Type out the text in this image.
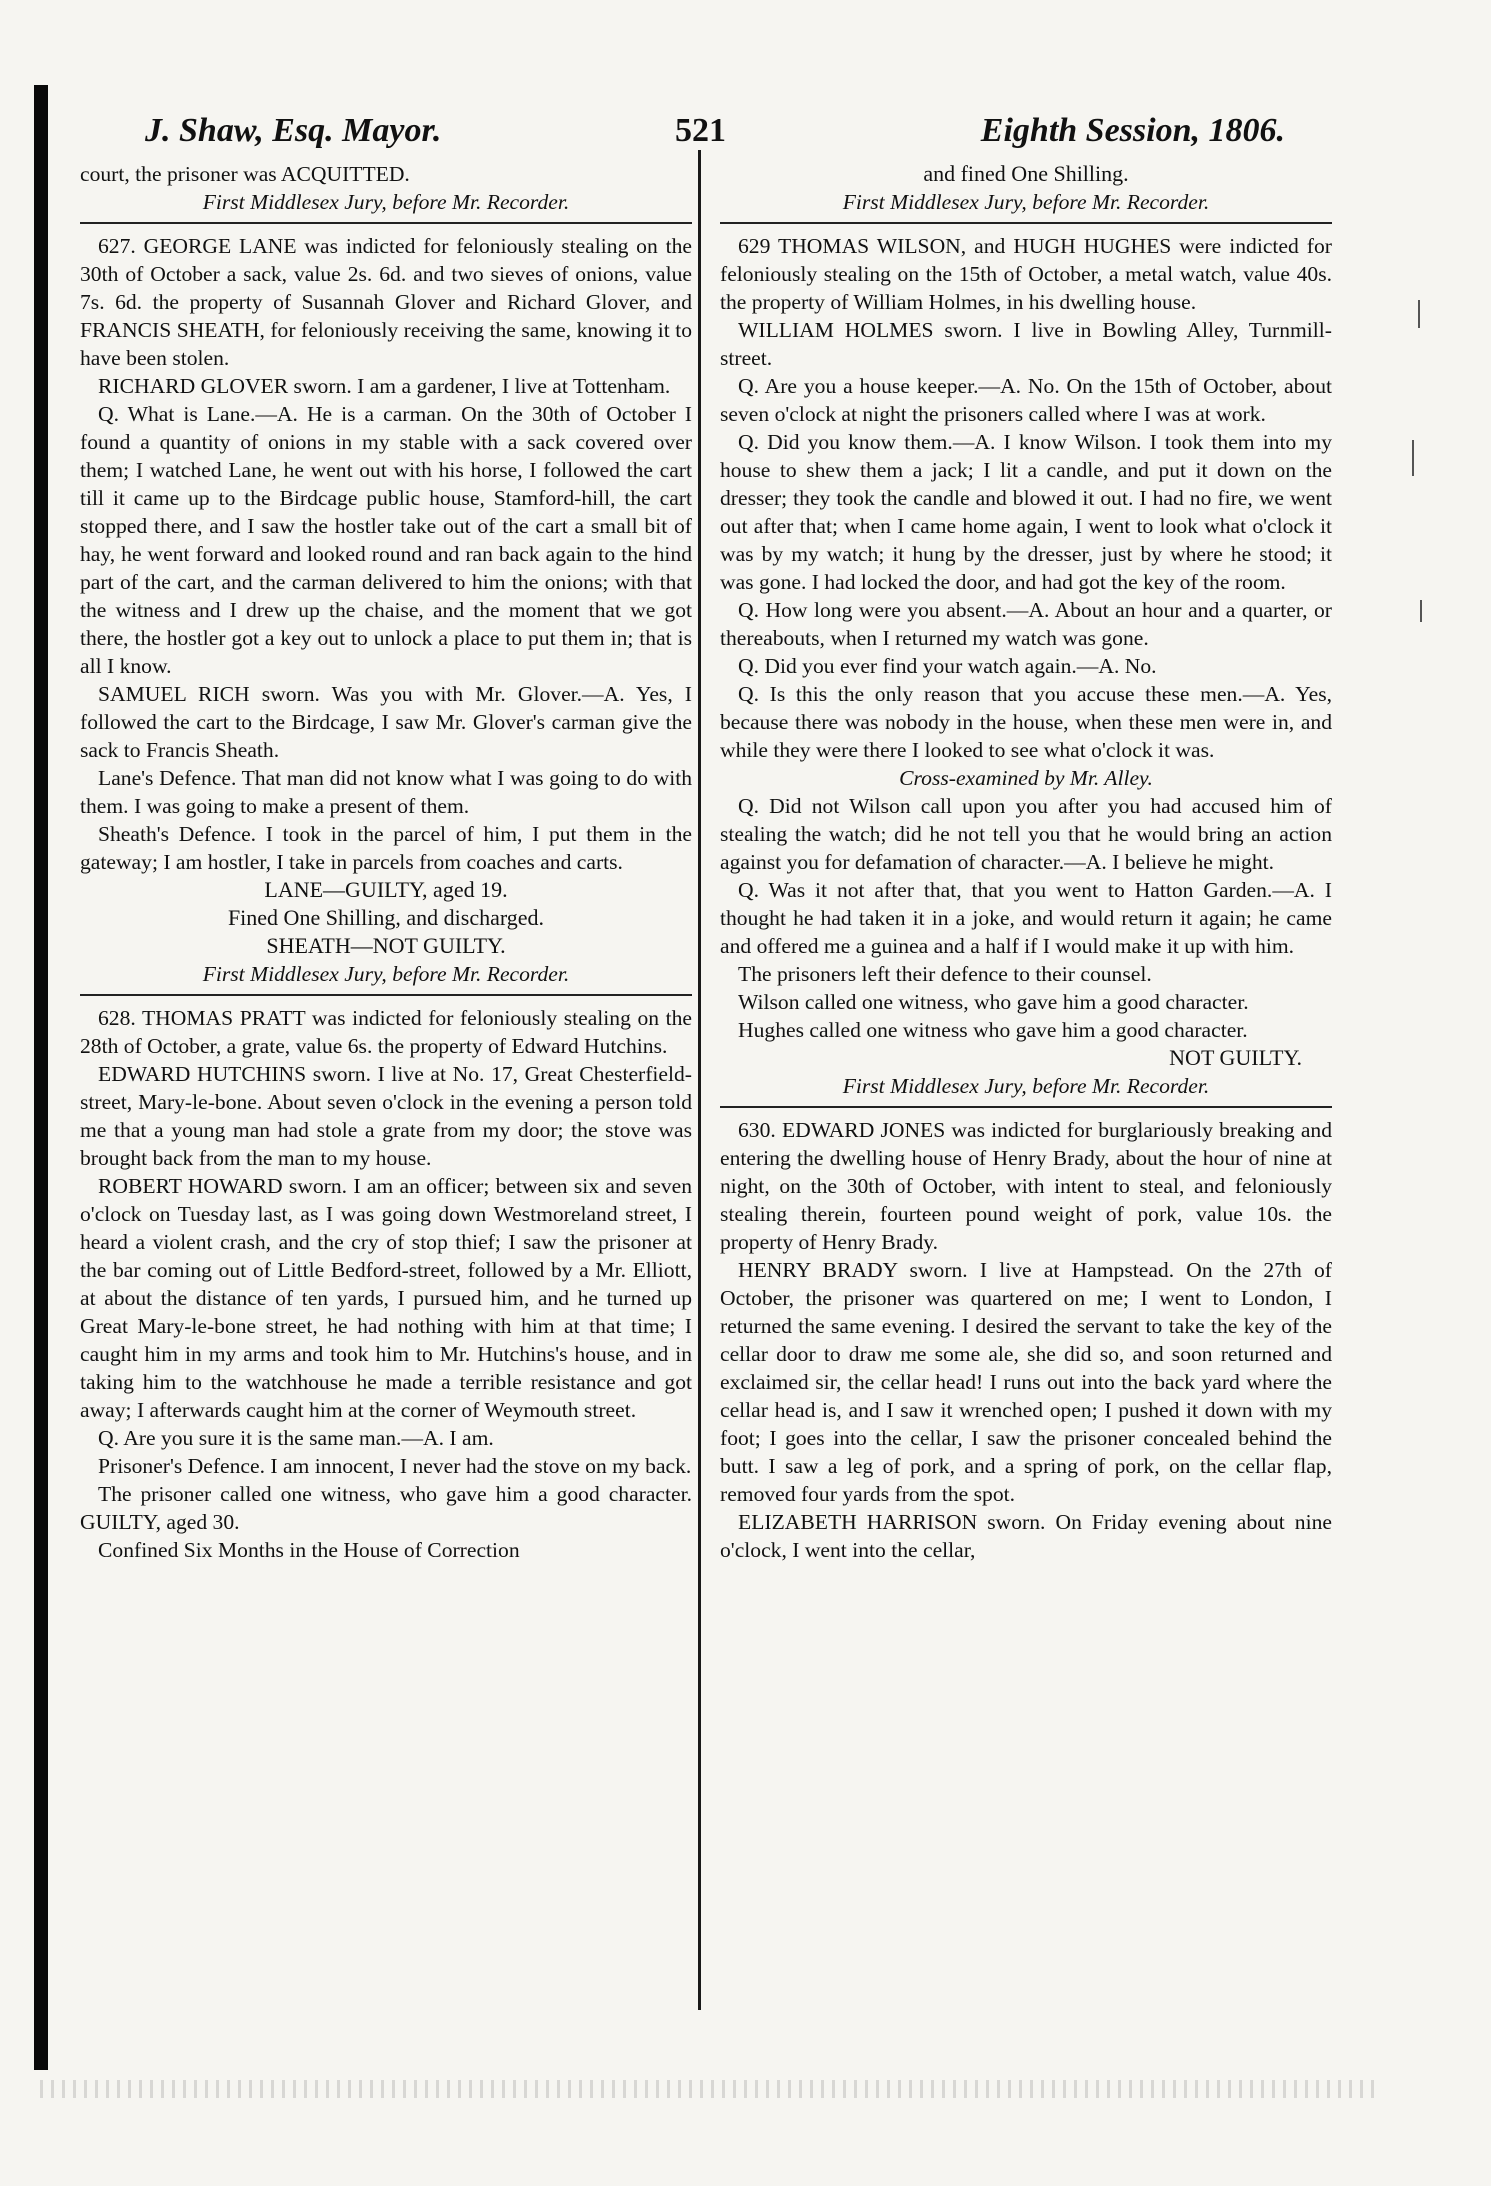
J. Shaw, Esq. Mayor.	521	Eighth Session, 1806.

court, the prisoner was ACQUITTED.

First Middlesex Jury, before Mr. Recorder.

627. GEORGE LANE was indicted for feloniously stealing on the 30th of October a sack, value 2s. 6d. and two sieves of onions, value 7s. 6d. the property of Susannah Glover and Richard Glover, and FRANCIS SHEATH, for feloniously receiving the same, knowing it to have been stolen.

RICHARD GLOVER sworn. I am a gardener, I live at Tottenham.

Q. What is Lane.—A. He is a carman. On the 30th of October I found a quantity of onions in my stable with a sack covered over them; I watched Lane, he went out with his horse, I followed the cart till it came up to the Birdcage public house, Stamford-hill, the cart stopped there, and I saw the hostler take out of the cart a small bit of hay, he went forward and looked round and ran back again to the hind part of the cart, and the carman delivered to him the onions; with that the witness and I drew up the chaise, and the moment that we got there, the hostler got a key out to unlock a place to put them in; that is all I know.

SAMUEL RICH sworn. Was you with Mr. Glover.—A. Yes, I followed the cart to the Birdcage, I saw Mr. Glover's carman give the sack to Francis Sheath.

Lane's Defence. That man did not know what I was going to do with them. I was going to make a present of them.

Sheath's Defence. I took in the parcel of him, I put them in the gateway; I am hostler, I take in parcels from coaches and carts.

LANE—GUILTY, aged 19.

Fined One Shilling, and discharged.

SHEATH—NOT GUILTY.

First Middlesex Jury, before Mr. Recorder.

628. THOMAS PRATT was indicted for feloniously stealing on the 28th of October, a grate, value 6s. the property of Edward Hutchins.

EDWARD HUTCHINS sworn. I live at No. 17, Great Chesterfield-street, Mary-le-bone. About seven o'clock in the evening a person told me that a young man had stole a grate from my door; the stove was brought back from the man to my house.

ROBERT HOWARD sworn. I am an officer; between six and seven o'clock on Tuesday last, as I was going down Westmoreland street, I heard a violent crash, and the cry of stop thief; I saw the prisoner at the bar coming out of Little Bedford-street, followed by a Mr. Elliott, at about the distance of ten yards, I pursued him, and he turned up Great Mary-le-bone street, he had nothing with him at that time; I caught him in my arms and took him to Mr. Hutchins's house, and in taking him to the watchhouse he made a terrible resistance and got away; I afterwards caught him at the corner of Weymouth street.

Q. Are you sure it is the same man.—A. I am.

Prisoner's Defence. I am innocent, I never had the stove on my back.

The prisoner called one witness, who gave him a good character. GUILTY, aged 30.

Confined Six Months in the House of Correction

and fined One Shilling.

First Middlesex Jury, before Mr. Recorder.

629 THOMAS WILSON, and HUGH HUGHES were indicted for feloniously stealing on the 15th of October, a metal watch, value 40s. the property of William Holmes, in his dwelling house.

WILLIAM HOLMES sworn. I live in Bowling Alley, Turnmill-street.

Q. Are you a house keeper.—A. No. On the 15th of October, about seven o'clock at night the prisoners called where I was at work.

Q. Did you know them.—A. I know Wilson. I took them into my house to shew them a jack; I lit a candle, and put it down on the dresser; they took the candle and blowed it out. I had no fire, we went out after that; when I came home again, I went to look what o'clock it was by my watch; it hung by the dresser, just by where he stood; it was gone. I had locked the door, and had got the key of the room.

Q. How long were you absent.—A. About an hour and a quarter, or thereabouts, when I returned my watch was gone.

Q. Did you ever find your watch again.—A. No.

Q. Is this the only reason that you accuse these men.—A. Yes, because there was nobody in the house, when these men were in, and while they were there I looked to see what o'clock it was.

Cross-examined by Mr. Alley.

Q. Did not Wilson call upon you after you had accused him of stealing the watch; did he not tell you that he would bring an action against you for defamation of character.—A. I believe he might.

Q. Was it not after that, that you went to Hatton Garden.—A. I thought he had taken it in a joke, and would return it again; he came and offered me a guinea and a half if I would make it up with him.

The prisoners left their defence to their counsel.

Wilson called one witness, who gave him a good character.

Hughes called one witness who gave him a good character.

NOT GUILTY.

First Middlesex Jury, before Mr. Recorder.

630. EDWARD JONES was indicted for burglariously breaking and entering the dwelling house of Henry Brady, about the hour of nine at night, on the 30th of October, with intent to steal, and feloniously stealing therein, fourteen pound weight of pork, value 10s. the property of Henry Brady.

HENRY BRADY sworn. I live at Hampstead. On the 27th of October, the prisoner was quartered on me; I went to London, I returned the same evening. I desired the servant to take the key of the cellar door to draw me some ale, she did so, and soon returned and exclaimed sir, the cellar head! I runs out into the back yard where the cellar head is, and I saw it wrenched open; I pushed it down with my foot; I goes into the cellar, I saw the prisoner concealed behind the butt. I saw a leg of pork, and a spring of pork, on the cellar flap, removed four yards from the spot.

ELIZABETH HARRISON sworn. On Friday evening about nine o'clock, I went into the cellar,
